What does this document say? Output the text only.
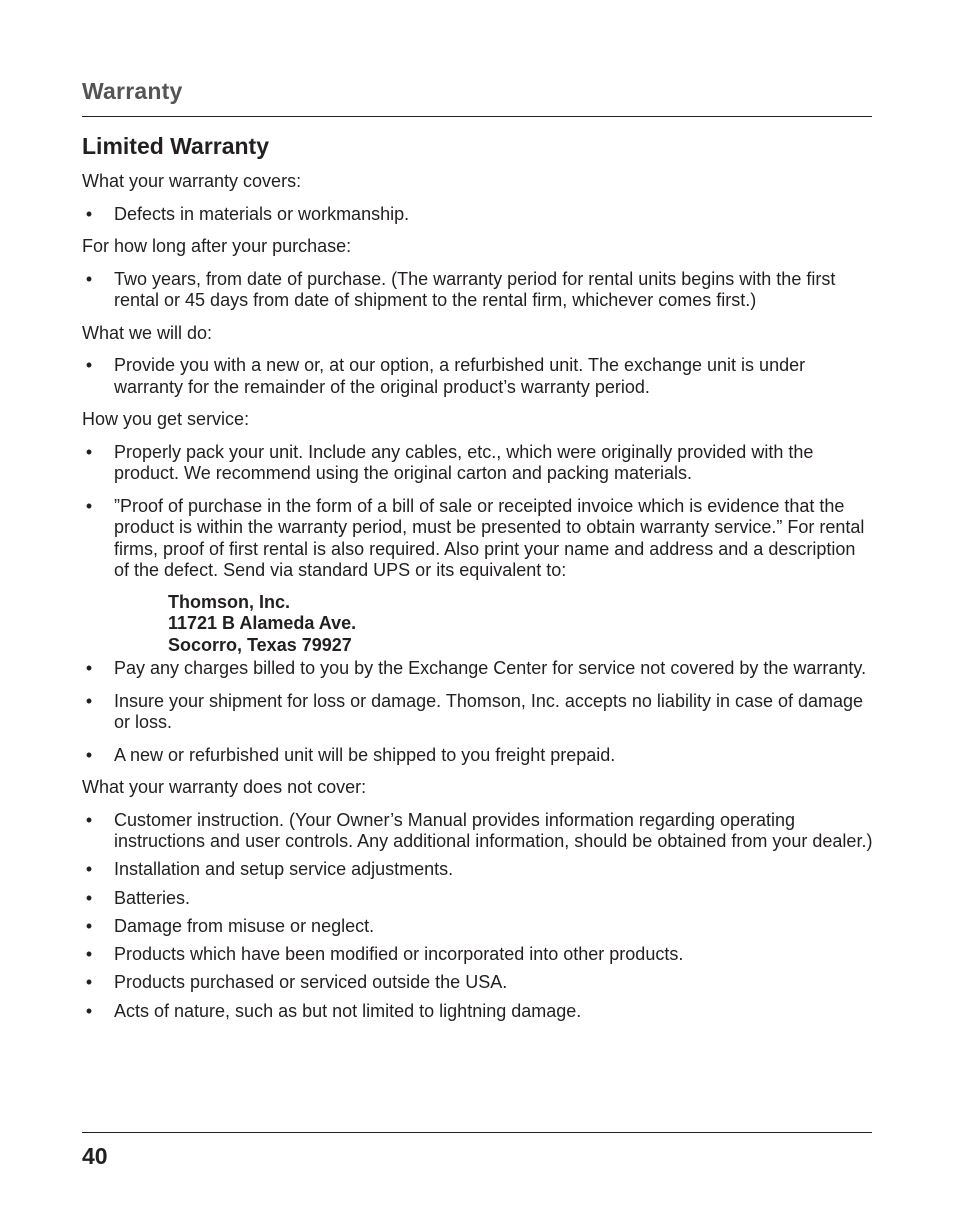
Warranty
Limited Warranty

What your warranty covers:

• Defects in materials or workmanship.

For how long after your purchase:

• Two years, from date of purchase. (The warranty period for rental units begins with the first rental or 45 days from date of shipment to the rental firm, whichever comes first.)

What we will do:

• Provide you with a new or, at our option, a refurbished unit. The exchange unit is under warranty for the remainder of the original product’s warranty period.

How you get service:

• Properly pack your unit. Include any cables, etc., which were originally provided with the product. We recommend using the original carton and packing materials.
• ”Proof of purchase in the form of a bill of sale or receipted invoice which is evidence that the product is within the warranty period, must be presented to obtain warranty service.” For rental firms, proof of first rental is also required. Also print your name and address and a description of the defect. Send via standard UPS or its equivalent to:
Thomson, Inc.
11721 B Alameda Ave.
Socorro, Texas 79927
• Pay any charges billed to you by the Exchange Center for service not covered by the warranty.
• Insure your shipment for loss or damage. Thomson, Inc. accepts no liability in case of damage or loss.
• A new or refurbished unit will be shipped to you freight prepaid.

What your warranty does not cover:

• Customer instruction. (Your Owner’s Manual provides information regarding operating instructions and user controls. Any additional information, should be obtained from your dealer.)
• Installation and setup service adjustments.
• Batteries.
• Damage from misuse or neglect.
• Products which have been modified or incorporated into other products.
• Products purchased or serviced outside the USA.
• Acts of nature, such as but not limited to lightning damage.
40
